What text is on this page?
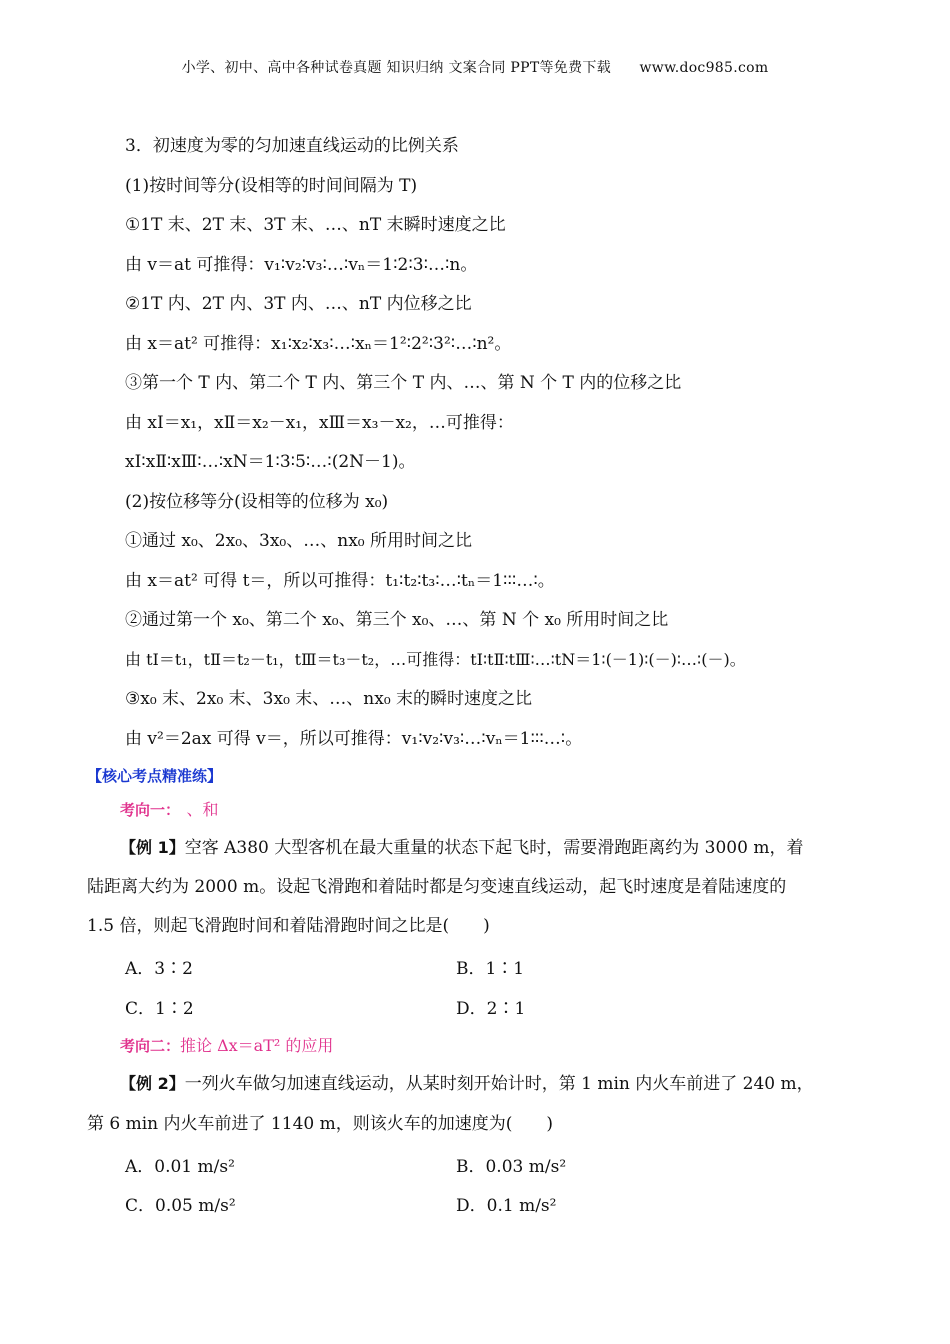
小学、初中、高中各种试卷真题 知识归纳 文案合同 PPT等免费下载      www.doc985.com
3．初速度为零的匀加速直线运动的比例关系
(1)按时间等分(设相等的时间间隔为 T)
①1T 末、2T 末、3T 末、…、nT 末瞬时速度之比
由 v＝at 可推得：v₁∶v₂∶v₃∶…∶vₙ＝1∶2∶3∶…∶n。
②1T 内、2T 内、3T 内、…、nT 内位移之比
由 x＝at² 可推得：x₁∶x₂∶x₃∶…∶xₙ＝1²∶2²∶3²∶…∶n²。
③第一个 T 内、第二个 T 内、第三个 T 内、…、第 N 个 T 内的位移之比
由 xⅠ＝x₁，xⅡ＝x₂－x₁，xⅢ＝x₃－x₂，…可推得：
xⅠ∶xⅡ∶xⅢ∶…∶xN＝1∶3∶5∶…∶(2N－1)。
(2)按位移等分(设相等的位移为 x₀)
①通过 x₀、2x₀、3x₀、…、nx₀ 所用时间之比
由 x＝at² 可得 t＝，所以可推得：t₁∶t₂∶t₃∶…∶tₙ＝1∶∶∶…∶。
②通过第一个 x₀、第二个 x₀、第三个 x₀、…、第 N 个 x₀ 所用时间之比
由 tⅠ＝t₁，tⅡ＝t₂－t₁，tⅢ＝t₃－t₂，…可推得：tⅠ∶tⅡ∶tⅢ∶…∶tN＝1∶(－1)∶(－)∶…∶(－)。
③x₀ 末、2x₀ 末、3x₀ 末、…、nx₀ 末的瞬时速度之比
由 v²＝2ax 可得 v＝，所以可推得：v₁∶v₂∶v₃∶…∶vₙ＝1∶∶∶…∶。
【核心考点精准练】
考向一： 、和
【例 1】空客 A380 大型客机在最大重量的状态下起飞时，需要滑跑距离约为 3000 m，着
陆距离大约为 2000 m。设起飞滑跑和着陆时都是匀变速直线运动，起飞时速度是着陆速度的
1.5 倍，则起飞滑跑时间和着陆滑跑时间之比是(　　)
A．3∶2	B．1∶1
C．1∶2	D．2∶1
考向二：推论 Δx＝aT² 的应用
【例 2】一列火车做匀加速直线运动，从某时刻开始计时，第 1 min 内火车前进了 240 m，
第 6 min 内火车前进了 1140 m，则该火车的加速度为(　　)
A．0.01 m/s²	B．0.03 m/s²
C．0.05 m/s²	D．0.1 m/s²
